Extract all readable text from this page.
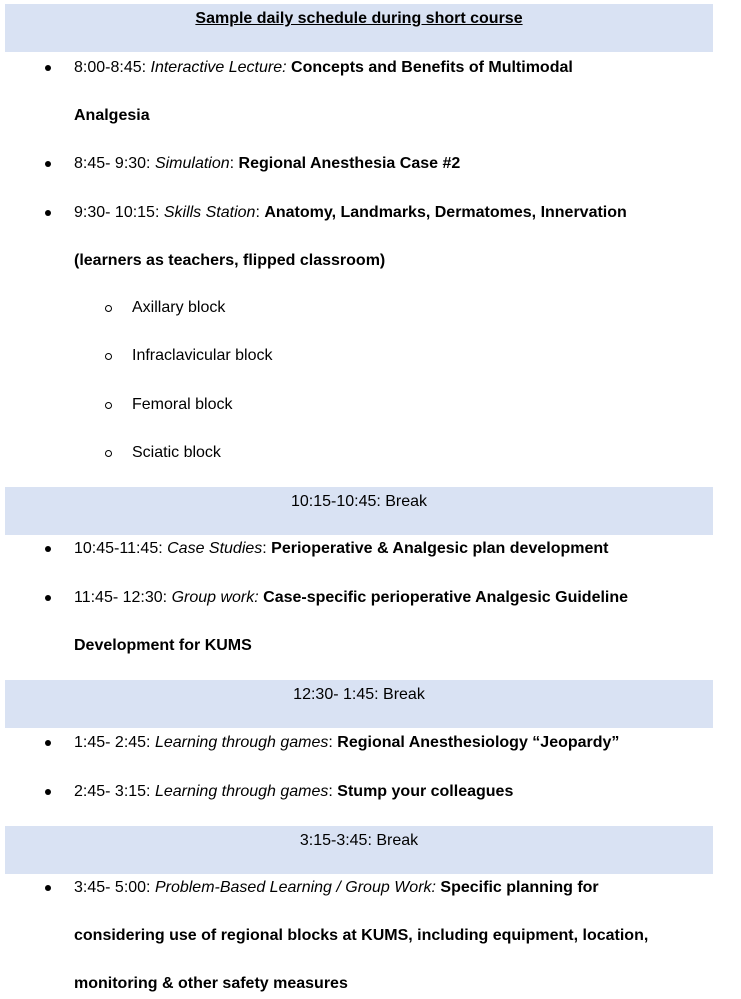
Sample daily schedule during short course
8:00-8:45: Interactive Lecture: Concepts and Benefits of Multimodal
Analgesia
8:45- 9:30: Simulation: Regional Anesthesia Case #2
9:30- 10:15: Skills Station: Anatomy, Landmarks, Dermatomes, Innervation
(learners as teachers, flipped classroom)
Axillary block
Infraclavicular block
Femoral block
Sciatic block
10:15-10:45: Break
10:45-11:45: Case Studies: Perioperative & Analgesic plan development
11:45- 12:30: Group work: Case-specific perioperative Analgesic Guideline
Development for KUMS
12:30- 1:45: Break
1:45- 2:45: Learning through games: Regional Anesthesiology “Jeopardy”
2:45- 3:15: Learning through games: Stump your colleagues
3:15-3:45: Break
3:45- 5:00: Problem-Based Learning / Group Work: Specific planning for
considering use of regional blocks at KUMS, including equipment, location,
monitoring & other safety measures
